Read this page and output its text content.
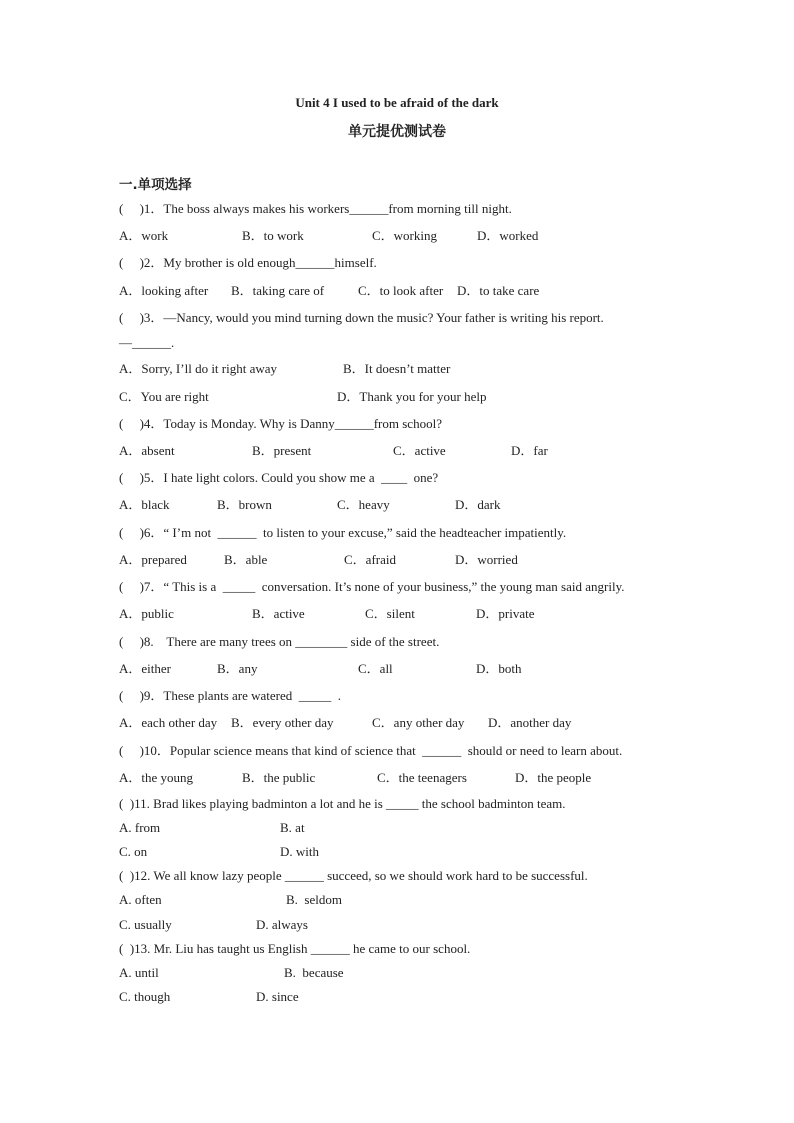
Unit 4 I used to be afraid of the dark
单元提优测试卷
一.单项选择
(     )1．The boss always makes his workers______from morning till night.
A．work	B．to work	C．working	D．worked
(     )2．My brother is old enough______himself.
A．looking after B．taking care of	C．to look after D．to take care
(     )3．—Nancy, would you mind turning down the music? Your father is writing his report.
—______.
A．Sorry, I’ll do it right away	B．It doesn’t matter
C．You are right	D．Thank you for your help
(     )4．Today is Monday. Why is Danny______from school?
A．absent	B．present	C．active	D．far
(     )5．I hate light colors. Could you show me a  ____  one?
A．black	B．brown	C．heavy	D．dark
(     )6．“ I’m not  ______  to listen to your excuse,” said the headteacher impatiently.
A．prepared	B．able	C．afraid	D．worried
(     )7．“ This is a  _____  conversation. It’s none of your business,” the young man said angrily.
A．public	B．active	C．silent	D．private
(     )8.    There are many trees on ________ side of the street.
A．either	B．any	C．all	D．both
(     )9．These plants are watered  _____  .
A．each other day B．every other day	C．any other day D．another day
(     )10．Popular science means that kind of science that  ______  should or need to learn about.
A．the young	B．the public	C．the teenagers	D．the people
(  )11. Brad likes playing badminton a lot and he is _____ the school badminton team.
A. from	B. at
C. on	D. with
(  )12. We all know lazy people ______ succeed, so we should work hard to be successful.
A. often	B.  seldom
C. usually	D. always
(  )13. Mr. Liu has taught us English ______ he came to our school.
A. until	B.  because
C. though	D. since
